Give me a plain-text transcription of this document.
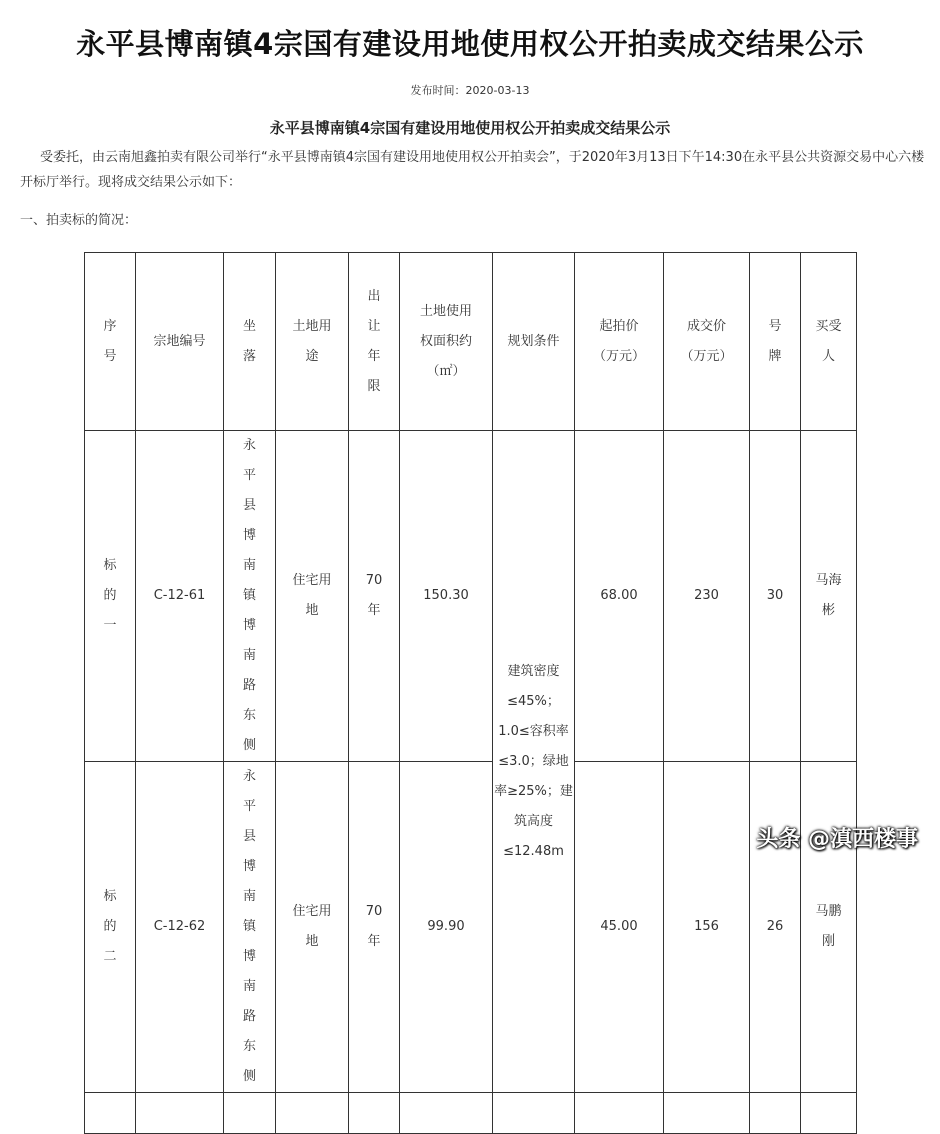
永平县博南镇4宗国有建设用地使用权公开拍卖成交结果公示
发布时间：2020-03-13
永平县博南镇4宗国有建设用地使用权公开拍卖成交结果公示
受委托，由云南旭鑫拍卖有限公司举行“永平县博南镇4宗国有建设用地使用权公开拍卖会”，于2020年3月13日下午14:30在永平县公共资源交易中心六楼开标厅举行。现将成交结果公示如下：
一、拍卖标的简况：
序号	宗地编号	坐落	土地用途	出让年限	土地使用权面积约（㎡）	规划条件	起拍价（万元）	成交价（万元）	号牌	买受人
标的一	C-12-61	永平县博南镇博南路东侧	住宅用地	70年	150.30	建筑密度≤45%；1.0≤容积率≤3.0；绿地率≥25%；建筑高度≤12.48m	68.00	230	30	马海彬
标的二	C-12-62	永平县博南镇博南路东侧	住宅用地	70年	99.90		45.00	156	26	马鹏刚

头条 @滇西楼事
